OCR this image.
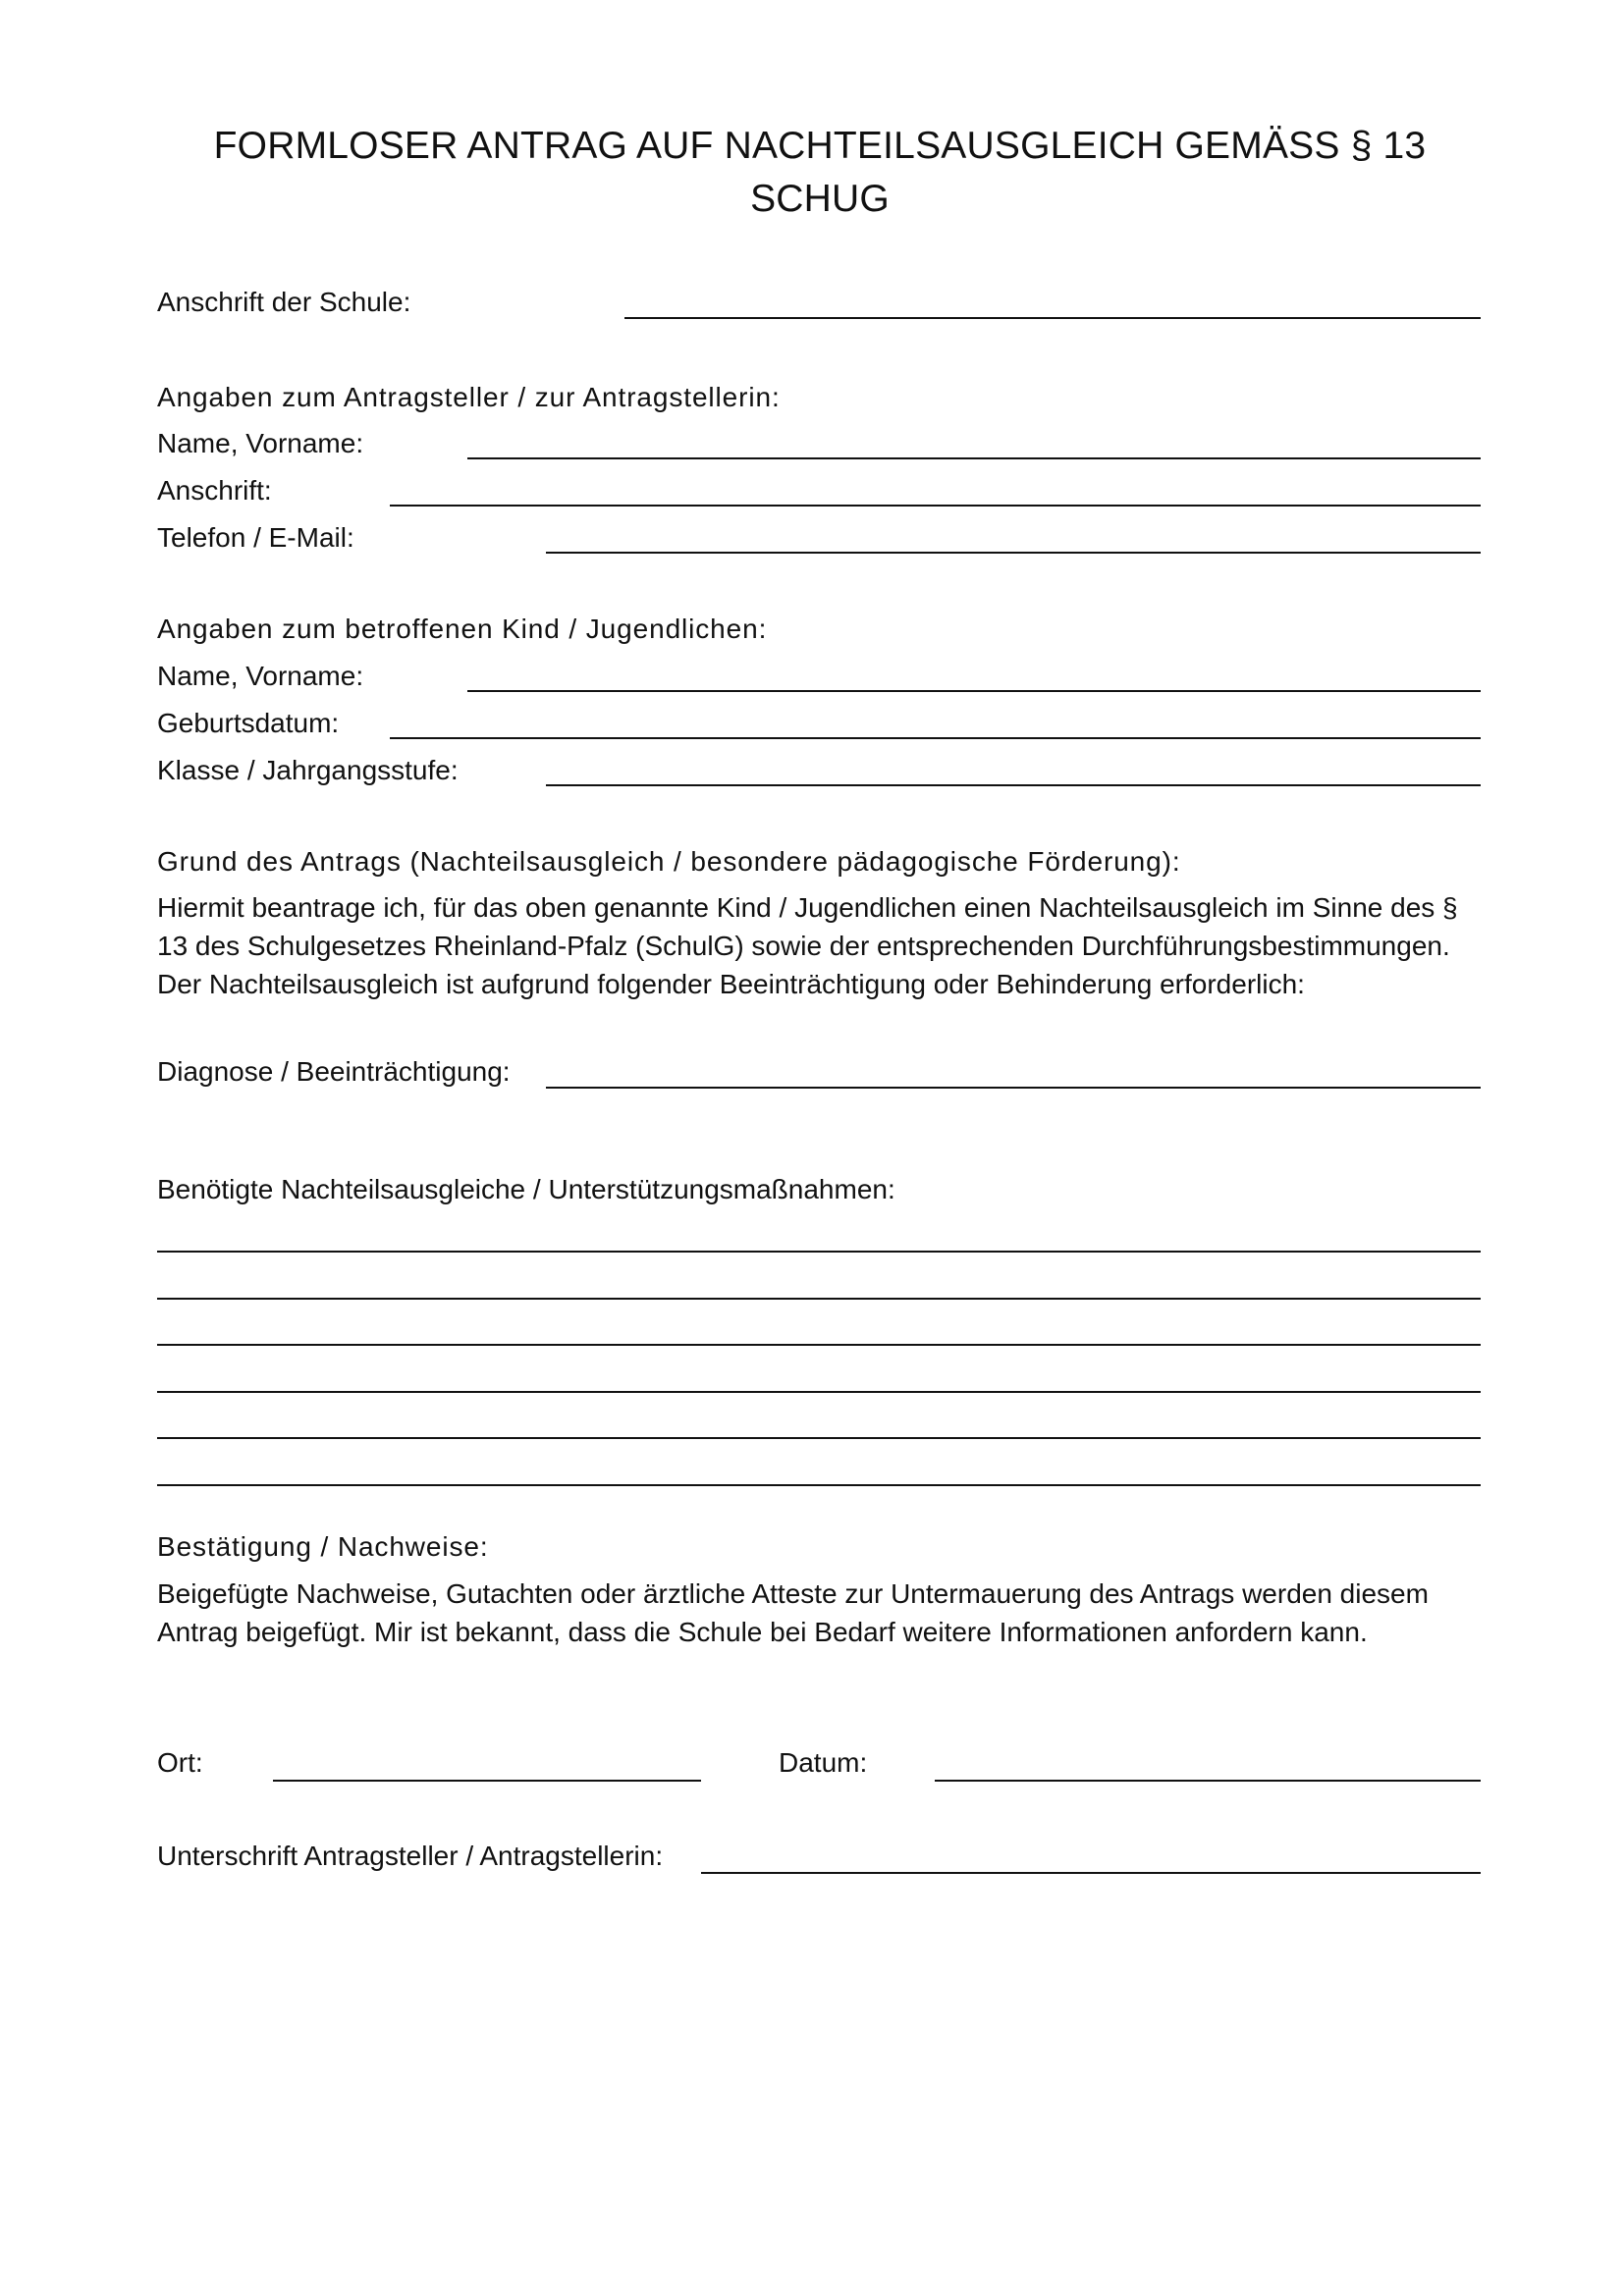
FORMLOSER ANTRAG AUF NACHTEILSAUSGLEICH GEMÄSS § 13 SCHUG
Anschrift der Schule:
Angaben zum Antragsteller / zur Antragstellerin:
Name, Vorname:
Anschrift:
Telefon / E-Mail:
Angaben zum betroffenen Kind / Jugendlichen:
Name, Vorname:
Geburtsdatum:
Klasse / Jahrgangsstufe:
Grund des Antrags (Nachteilsausgleich / besondere pädagogische Förderung):

Hiermit beantrage ich, für das oben genannte Kind / Jugendlichen einen Nachteilsausgleich im Sinne des §
13 des Schulgesetzes Rheinland-Pfalz (SchulG) sowie der entsprechenden Durchführungsbestimmungen.
Der Nachteilsausgleich ist aufgrund folgender Beeinträchtigung oder Behinderung erforderlich:

Diagnose / Beeinträchtigung:
Benötigte Nachteilsausgleiche / Unterstützungsmaßnahmen:
Bestätigung / Nachweise:

Beigefügte Nachweise, Gutachten oder ärztliche Atteste zur Untermauerung des Antrags werden diesem
Antrag beigefügt. Mir ist bekannt, dass die Schule bei Bedarf weitere Informationen anfordern kann.

Ort:	Datum:
Unterschrift Antragsteller / Antragstellerin:
